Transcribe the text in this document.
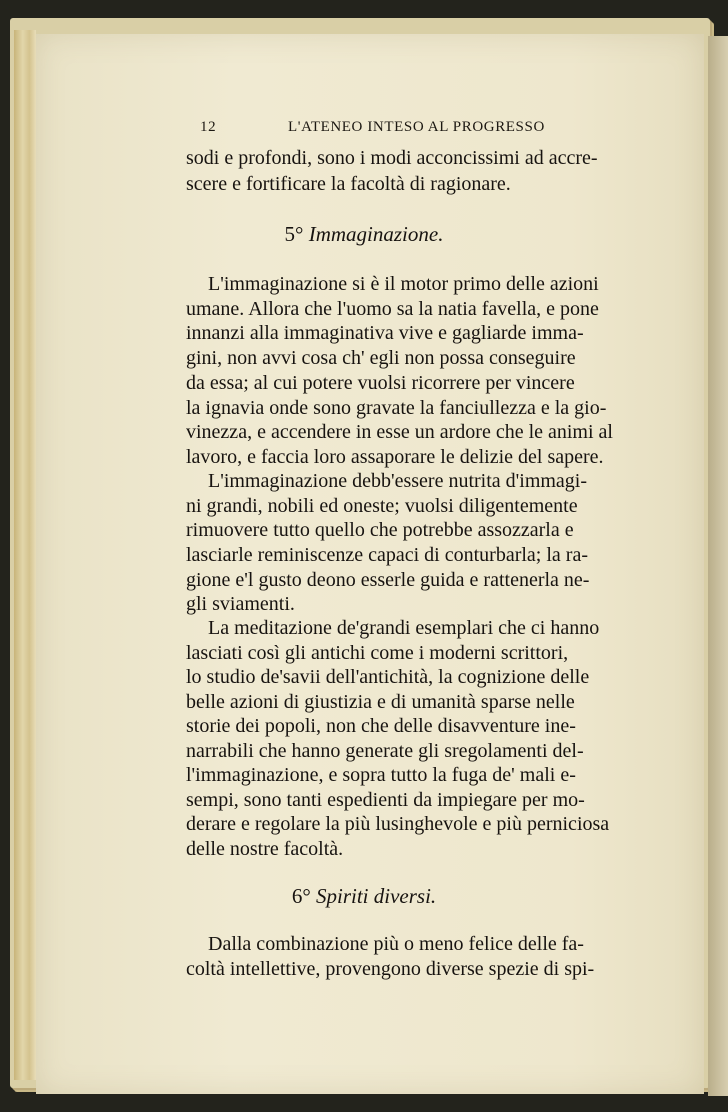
12	L'ATENEO INTESO AL PROGRESSO
sodi e profondi, sono i modi acconcissimi ad accre-
scere e fortificare la facoltà di ragionare.
5° Immaginazione.
L'immaginazione si è il motor primo delle azioni
umane. Allora che l'uomo sa la natia favella, e pone
innanzi alla immaginativa vive e gagliarde imma-
gini, non avvi cosa ch' egli non possa conseguire
da essa; al cui potere vuolsi ricorrere per vincere
la ignavia onde sono gravate la fanciullezza e la gio-
vinezza, e accendere in esse un ardore che le animi al
lavoro, e faccia loro assaporare le delizie del sapere.
L'immaginazione debb'essere nutrita d'immagi-
ni grandi, nobili ed oneste; vuolsi diligentemente
rimuovere tutto quello che potrebbe assozzarla e
lasciarle reminiscenze capaci di conturbarla; la ra-
gione e'l gusto deono esserle guida e rattenerla ne-
gli sviamenti.
La meditazione de'grandi esemplari che ci hanno
lasciati così gli antichi come i moderni scrittori,
lo studio de'savii dell'antichità, la cognizione delle
belle azioni di giustizia e di umanità sparse nelle
storie dei popoli, non che delle disavventure ine-
narrabili che hanno generate gli sregolamenti del-
l'immaginazione, e sopra tutto la fuga de' mali e-
sempi, sono tanti espedienti da impiegare per mo-
derare e regolare la più lusinghevole e più perniciosa
delle nostre facoltà.
6° Spiriti diversi.
Dalla combinazione più o meno felice delle fa-
coltà intellettive, provengono diverse spezie di spi-
